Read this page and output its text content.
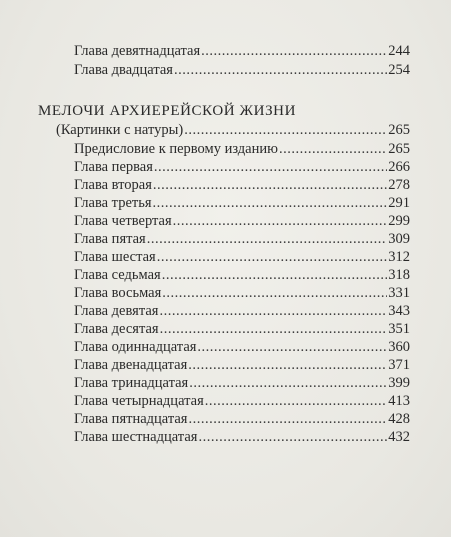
Глава девятнадцатая .....	244
Глава двадцатая .....	254
МЕЛОЧИ АРХИЕРЕЙСКОЙ ЖИЗНИ
(Картинки с натуры) .....	265
Предисловие к первому изданию .....	265
Глава первая .....	266
Глава вторая .....	278
Глава третья .....	291
Глава четвертая .....	299
Глава пятая .....	309
Глава шестая .....	312
Глава седьмая .....	318
Глава восьмая .....	331
Глава девятая .....	343
Глава десятая .....	351
Глава одиннадцатая .....	360
Глава двенадцатая .....	371
Глава тринадцатая .....	399
Глава четырнадцатая .....	413
Глава пятнадцатая .....	428
Глава шестнадцатая .....	432
